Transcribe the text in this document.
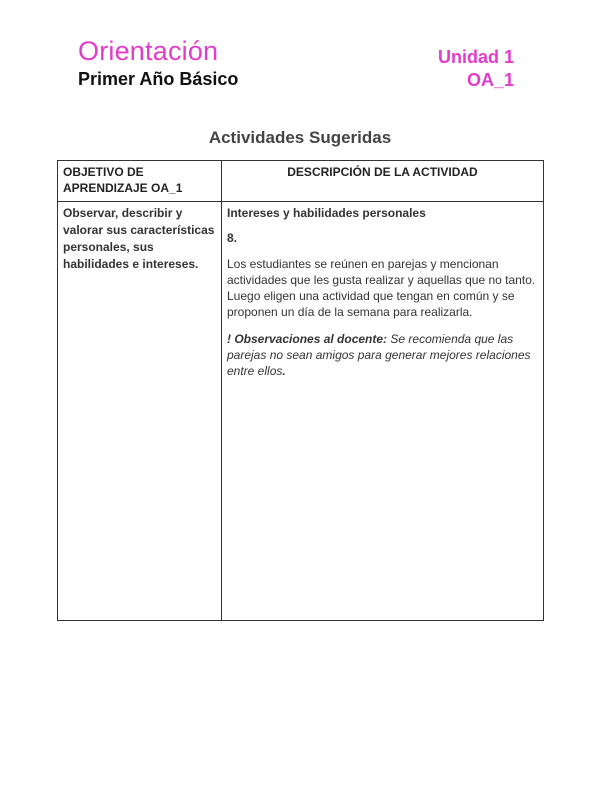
Orientación
Primer Año Básico
Unidad 1
OA_1
Actividades Sugeridas
OBJETIVO DE APRENDIZAJE OA_1	DESCRIPCIÓN DE LA ACTIVIDAD

Observar, describir y valorar sus características personales, sus habilidades e intereses.	Intereses y habilidades personales

8.

Los estudiantes se reúnen en parejas y mencionan actividades que les gusta realizar y aquellas que no tanto. Luego eligen una actividad que tengan en común y se proponen un día de la semana para realizarla.

! Observaciones al docente: Se recomienda que las parejas no sean amigos para generar mejores relaciones entre ellos.
